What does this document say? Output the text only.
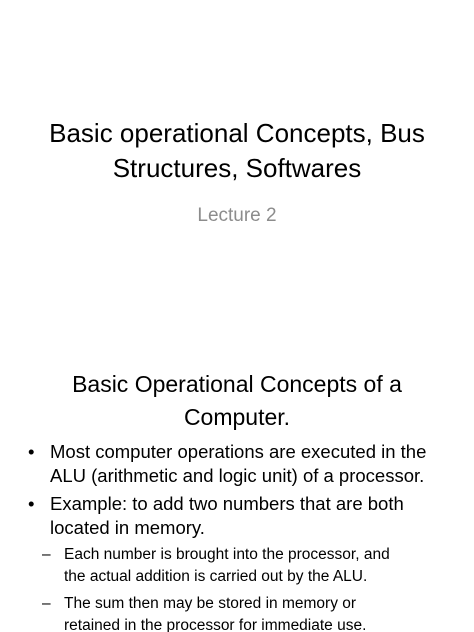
Basic operational Concepts, Bus
Structures, Softwares
Lecture 2
Basic Operational Concepts of a
Computer.
• Most computer operations are executed in the
ALU (arithmetic and logic unit) of a processor.
• Example: to add two numbers that are both
located in memory.
– Each number is brought into the processor, and
the actual addition is carried out by the ALU.
– The sum then may be stored in memory or
retained in the processor for immediate use.
